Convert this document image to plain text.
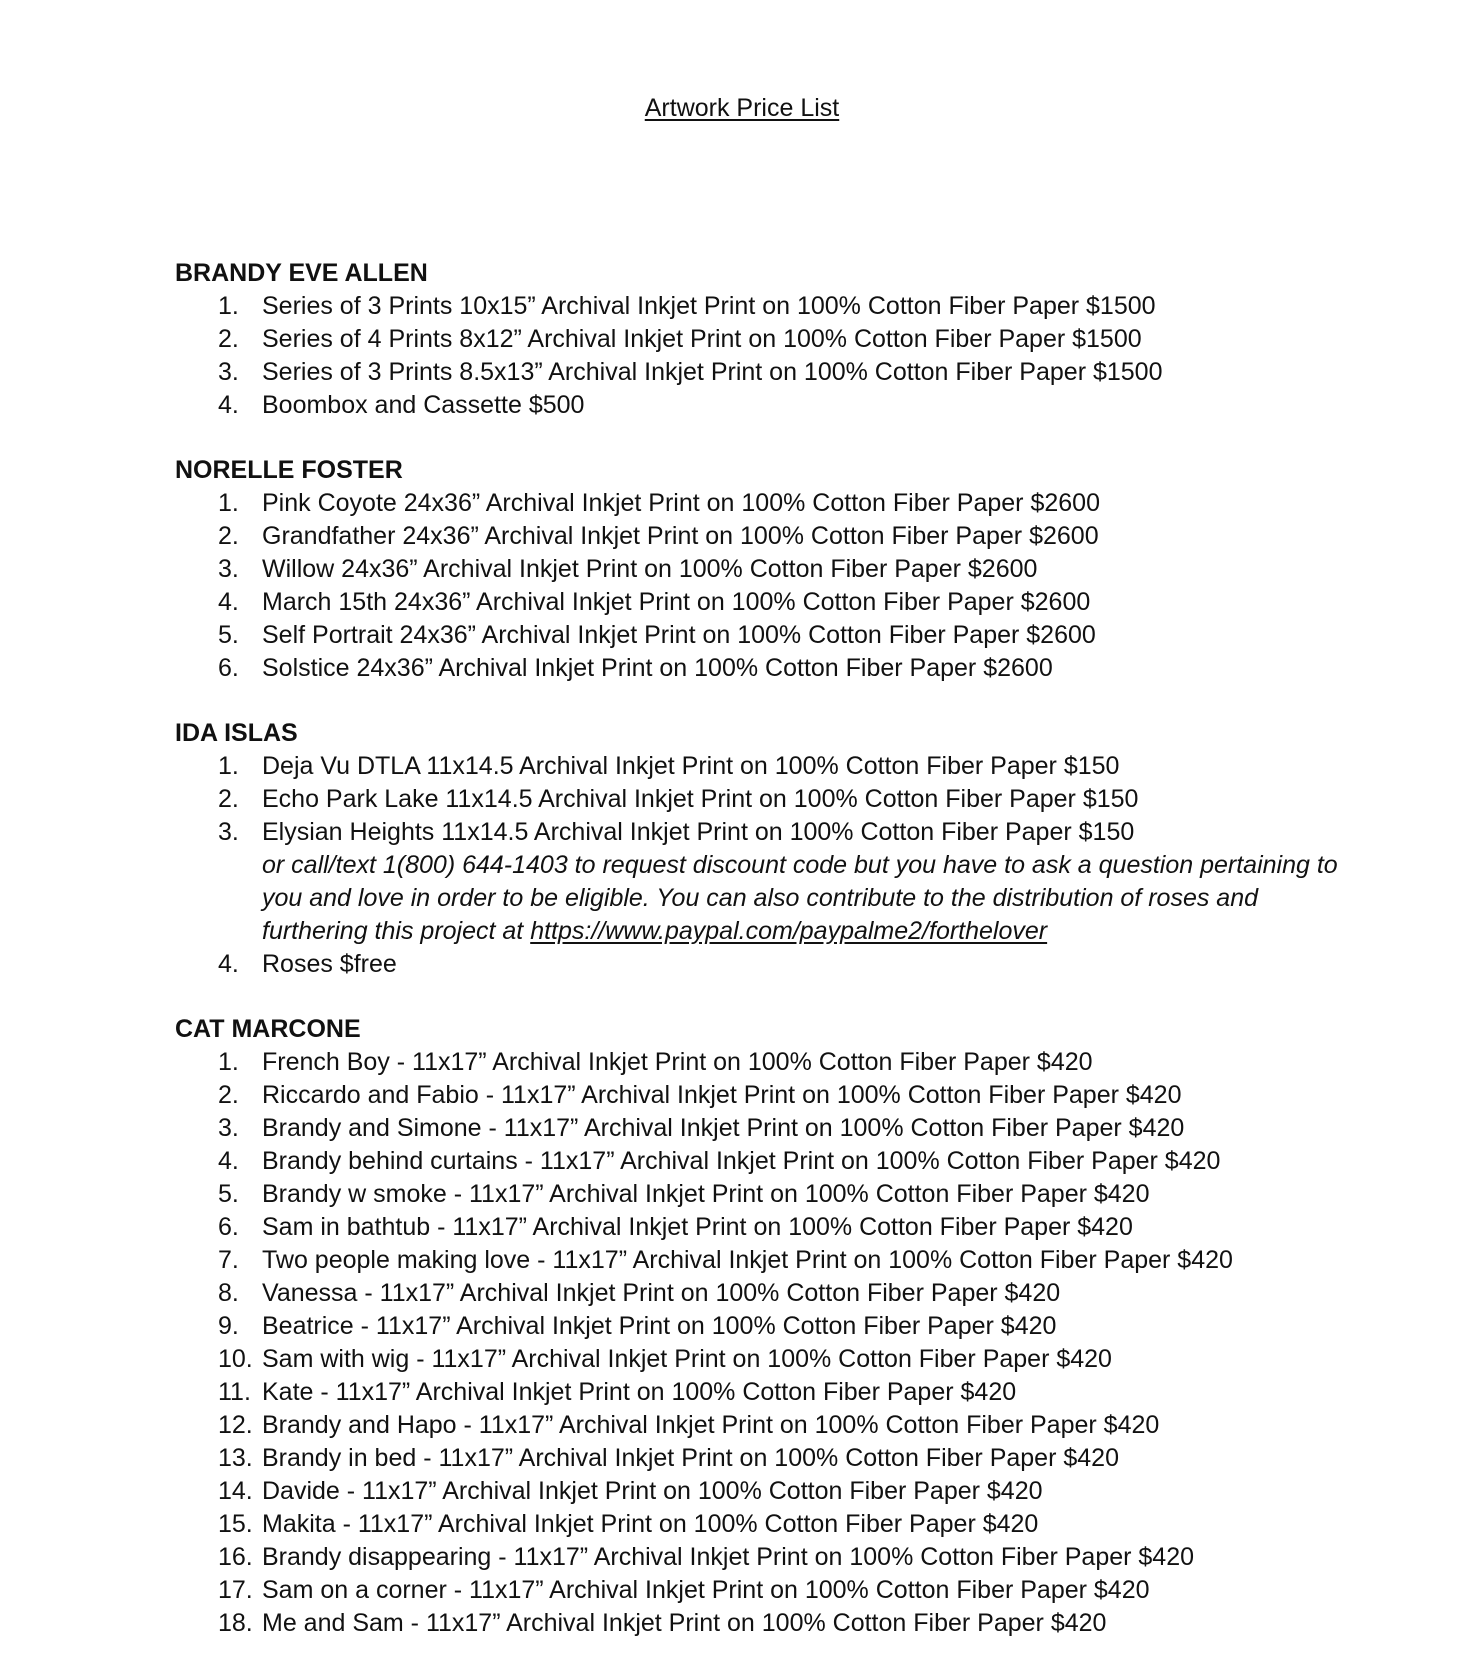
Artwork Price List
BRANDY EVE ALLEN
1. Series of 3 Prints 10x15” Archival Inkjet Print on 100% Cotton Fiber Paper $1500
2. Series of 4 Prints 8x12” Archival Inkjet Print on 100% Cotton Fiber Paper $1500
3. Series of 3 Prints 8.5x13” Archival Inkjet Print on 100% Cotton Fiber Paper $1500
4. Boombox and Cassette $500
NORELLE FOSTER
1. Pink Coyote 24x36” Archival Inkjet Print on 100% Cotton Fiber Paper $2600
2. Grandfather 24x36” Archival Inkjet Print on 100% Cotton Fiber Paper $2600
3. Willow 24x36” Archival Inkjet Print on 100% Cotton Fiber Paper $2600
4. March 15th 24x36” Archival Inkjet Print on 100% Cotton Fiber Paper $2600
5. Self Portrait 24x36” Archival Inkjet Print on 100% Cotton Fiber Paper $2600
6. Solstice 24x36” Archival Inkjet Print on 100% Cotton Fiber Paper $2600
IDA ISLAS
1. Deja Vu DTLA 11x14.5 Archival Inkjet Print on 100% Cotton Fiber Paper $150
2. Echo Park Lake 11x14.5 Archival Inkjet Print on 100% Cotton Fiber Paper $150
3. Elysian Heights 11x14.5 Archival Inkjet Print on 100% Cotton Fiber Paper $150
or call/text 1(800) 644-1403 to request discount code but you have to ask a question pertaining to
you and love in order to be eligible. You can also contribute to the distribution of roses and
furthering this project at https://www.paypal.com/paypalme2/forthelover
4. Roses $free
CAT MARCONE
1. French Boy - 11x17” Archival Inkjet Print on 100% Cotton Fiber Paper $420
2. Riccardo and Fabio - 11x17” Archival Inkjet Print on 100% Cotton Fiber Paper $420
3. Brandy and Simone - 11x17” Archival Inkjet Print on 100% Cotton Fiber Paper $420
4. Brandy behind curtains - 11x17” Archival Inkjet Print on 100% Cotton Fiber Paper $420
5. Brandy w smoke - 11x17” Archival Inkjet Print on 100% Cotton Fiber Paper $420
6. Sam in bathtub - 11x17” Archival Inkjet Print on 100% Cotton Fiber Paper $420
7. Two people making love - 11x17” Archival Inkjet Print on 100% Cotton Fiber Paper $420
8. Vanessa - 11x17” Archival Inkjet Print on 100% Cotton Fiber Paper $420
9. Beatrice - 11x17” Archival Inkjet Print on 100% Cotton Fiber Paper $420
10. Sam with wig - 11x17” Archival Inkjet Print on 100% Cotton Fiber Paper $420
11. Kate - 11x17” Archival Inkjet Print on 100% Cotton Fiber Paper $420
12. Brandy and Hapo - 11x17” Archival Inkjet Print on 100% Cotton Fiber Paper $420
13. Brandy in bed - 11x17” Archival Inkjet Print on 100% Cotton Fiber Paper $420
14. Davide - 11x17” Archival Inkjet Print on 100% Cotton Fiber Paper $420
15. Makita - 11x17” Archival Inkjet Print on 100% Cotton Fiber Paper $420
16. Brandy disappearing - 11x17” Archival Inkjet Print on 100% Cotton Fiber Paper $420
17. Sam on a corner - 11x17” Archival Inkjet Print on 100% Cotton Fiber Paper $420
18. Me and Sam - 11x17” Archival Inkjet Print on 100% Cotton Fiber Paper $420
